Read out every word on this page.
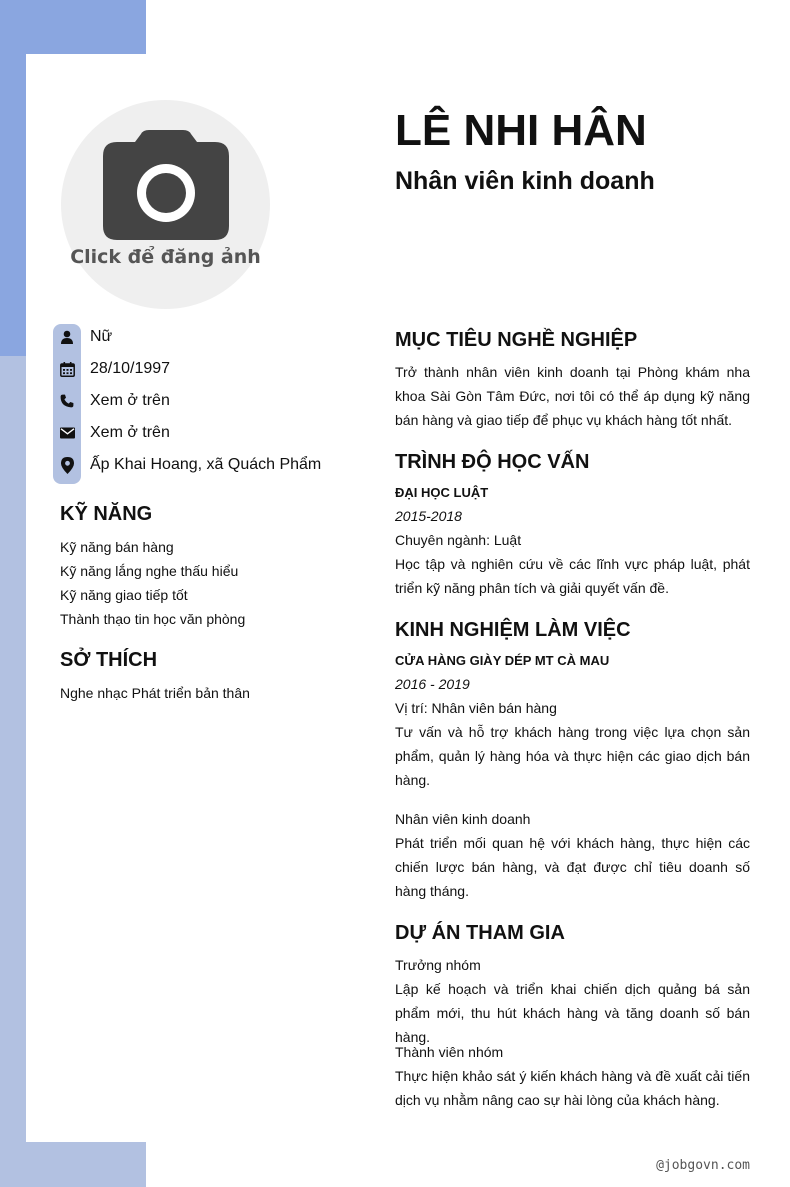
Click để đăng ảnh
LÊ NHI HÂN
Nhân viên kinh doanh
Nữ
28/10/1997
Xem ở trên
Xem ở trên
Ấp Khai Hoang, xã Quách Phẩm
KỸ NĂNG
Kỹ năng bán hàng
Kỹ năng lắng nghe thấu hiểu
Kỹ năng giao tiếp tốt
Thành thạo tin học văn phòng
SỞ THÍCH
Nghe nhạc Phát triển bản thân
MỤC TIÊU NGHỀ NGHIỆP

Trở thành nhân viên kinh doanh tại Phòng khám nha khoa Sài Gòn Tâm Đức, nơi tôi có thể áp dụng kỹ năng bán hàng và giao tiếp để phục vụ khách hàng tốt nhất.

TRÌNH ĐỘ HỌC VẤN

ĐẠI HỌC LUẬT

2015-2018

Chuyên ngành: Luật

Học tập và nghiên cứu về các lĩnh vực pháp luật, phát triển kỹ năng phân tích và giải quyết vấn đề.

KINH NGHIỆM LÀM VIỆC

CỬA HÀNG GIÀY DÉP MT CÀ MAU

2016 - 2019

Vị trí: Nhân viên bán hàng

Tư vấn và hỗ trợ khách hàng trong việc lựa chọn sản phẩm, quản lý hàng hóa và thực hiện các giao dịch bán hàng.

Nhân viên kinh doanh

Phát triển mối quan hệ với khách hàng, thực hiện các chiến lược bán hàng, và đạt được chỉ tiêu doanh số hàng tháng.

DỰ ÁN THAM GIA

Trưởng nhóm

Lập kế hoạch và triển khai chiến dịch quảng bá sản phẩm mới, thu hút khách hàng và tăng doanh số bán hàng.

Thành viên nhóm

Thực hiện khảo sát ý kiến khách hàng và đề xuất cải tiến dịch vụ nhằm nâng cao sự hài lòng của khách hàng.

@jobgovn.com
